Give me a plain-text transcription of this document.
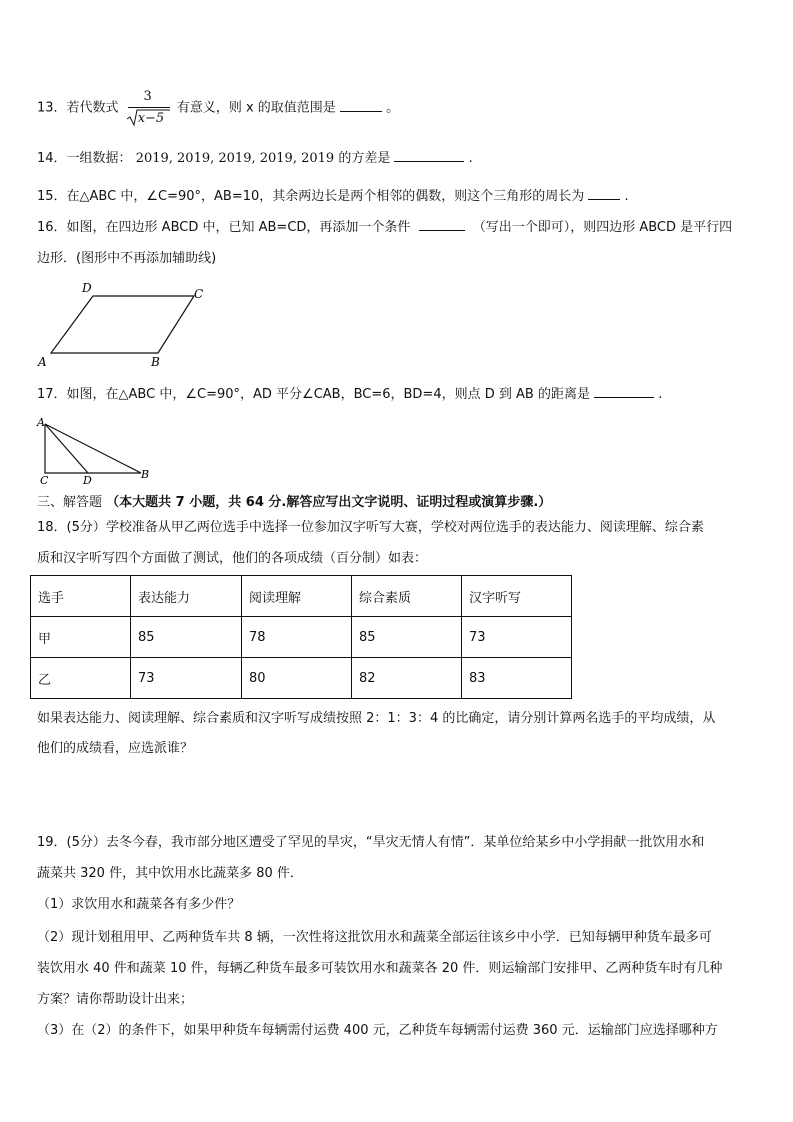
13．若代数式 $\frac{3}{x-5}$ 有意义，则 x 的取值范围是	。
14．一组数据： 2019, 2019, 2019, 2019, 2019 的方差是	.
15．在△ABC 中，∠C=90°，AB=10，其余两边长是两个相邻的偶数，则这个三角形的周长为	.
16．如图，在四边形 ABCD 中，已知 AB=CD，再添加一个条件	（写出一个即可），则四边形 ABCD 是平行四
边形．(图形中不再添加辅助线)
A	B
C
D
17．如图，在△ABC 中，∠C=90°，AD 平分∠CAB，BC=6，BD=4，则点 D 到 AB 的距离是	.
A
B
C	D
三、解答题 （本大题共 7 小题，共 64 分.解答应写出文字说明、证明过程或演算步骤.）
18．(5分）学校准备从甲乙两位选手中选择一位参加汉字听写大赛，学校对两位选手的表达能力、阅读理解、综合素
质和汉字听写四个方面做了测试，他们的各项成绩（百分制）如表：
选手	表达能力	阅读理解	综合素质	汉字听写
甲	85	78	85	73
乙	73	80	82	83
如果表达能力、阅读理解、综合素质和汉字听写成绩按照 2：1：3：4 的比确定，请分别计算两名选手的平均成绩，从
他们的成绩看，应选派谁？
19．(5分）去冬今春，我市部分地区遭受了罕见的旱灾，“旱灾无情人有情”．某单位给某乡中小学捐献一批饮用水和
蔬菜共 320 件，其中饮用水比蔬菜多 80 件．
（1）求饮用水和蔬菜各有多少件？
（2）现计划租用甲、乙两种货车共 8 辆，一次性将这批饮用水和蔬菜全部运往该乡中小学．已知每辆甲种货车最多可
装饮用水 40 件和蔬菜 10 件，每辆乙种货车最多可装饮用水和蔬菜各 20 件．则运输部门安排甲、乙两种货车时有几种
方案？请你帮助设计出来；
（3）在（2）的条件下，如果甲种货车每辆需付运费 400 元，乙种货车每辆需付运费 360 元．运输部门应选择哪种方
